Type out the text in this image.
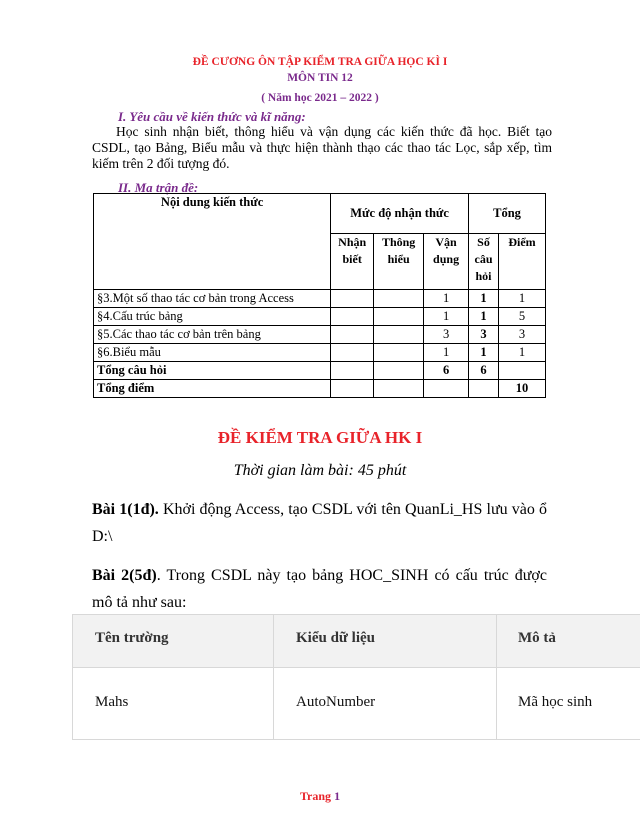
ĐỀ CƯƠNG ÔN TẬP KIỂM TRA GIỮA HỌC KÌ I
MÔN TIN 12
( Năm học 2021 – 2022 )
I. Yêu cầu về kiến thức và kĩ năng:
Học sinh nhận biết, thông hiểu và vận dụng các kiến thức đã học. Biết tạo CSDL, tạo Bảng, Biểu mẫu và thực hiện thành thạo các thao tác Lọc, sắp xếp, tìm kiếm trên 2 đối tượng đó.
II. Ma trận đề:
Nội dung kiến thức	Mức độ nhận thức			Tổng	
	Nhận biết	Thông hiểu	Vận dụng	Số câu hỏi	Điểm
§3.Một số thao tác cơ bản trong Access			1	1	1
§4.Cấu trúc bảng			1	1	5
§5.Các thao tác cơ bản trên bảng			3	3	3
§6.Biểu mẫu			1	1	1
Tổng câu hỏi			6	6	
Tổng điểm					10
ĐỀ KIỂM TRA GIỮA HK I
Thời gian làm bài: 45 phút
Bài 1(1đ). Khởi động Access, tạo CSDL với tên QuanLi_HS lưu vào ổ D:\
Bài 2(5đ). Trong CSDL này tạo bảng HOC_SINH có cấu trúc được mô tả như sau:
Tên trường	Kiểu dữ liệu	Mô tả
Mahs	AutoNumber	Mã học sinh
Trang 1
